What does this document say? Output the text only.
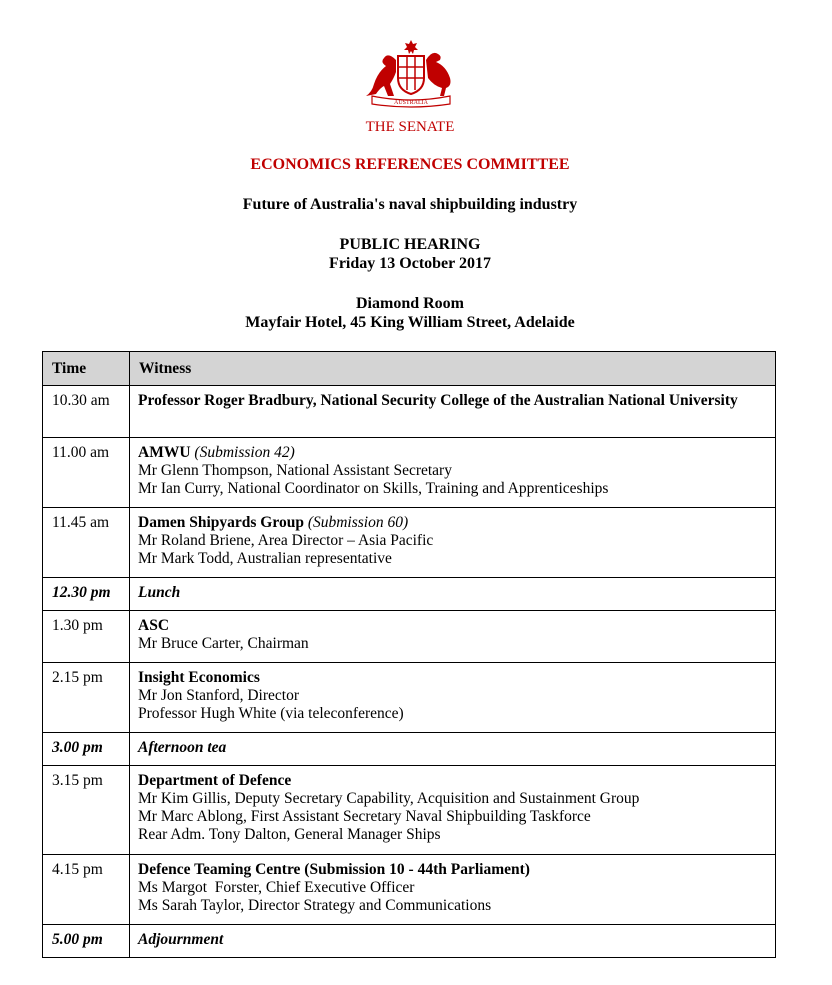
AUSTRALIA
THE SENATE
ECONOMICS REFERENCES COMMITTEE
Future of Australia's naval shipbuilding industry
PUBLIC HEARING
Friday 13 October 2017
Diamond Room
Mayfair Hotel, 45 King William Street, Adelaide
Time	Witness
10.30 am	Professor Roger Bradbury, National Security College of the Australian National University
11.00 am	AMWU (Submission 42)
Mr Glenn Thompson, National Assistant Secretary
Mr Ian Curry, National Coordinator on Skills, Training and Apprenticeships

11.45 am	Damen Shipyards Group (Submission 60)
Mr Roland Briene, Area Director – Asia Pacific
Mr Mark Todd, Australian representative

12.30 pm	Lunch
1.30 pm	ASC
Mr Bruce Carter, Chairman

2.15 pm	Insight Economics
Mr Jon Stanford, Director
Professor Hugh White (via teleconference)

3.00 pm	Afternoon tea
3.15 pm	Department of Defence
Mr Kim Gillis, Deputy Secretary Capability, Acquisition and Sustainment Group
Mr Marc Ablong, First Assistant Secretary Naval Shipbuilding Taskforce
Rear Adm. Tony Dalton, General Manager Ships

4.15 pm	Defence Teaming Centre (Submission 10 - 44th Parliament)
Ms Margot  Forster, Chief Executive Officer
Ms Sarah Taylor, Director Strategy and Communications

5.00 pm	Adjournment
